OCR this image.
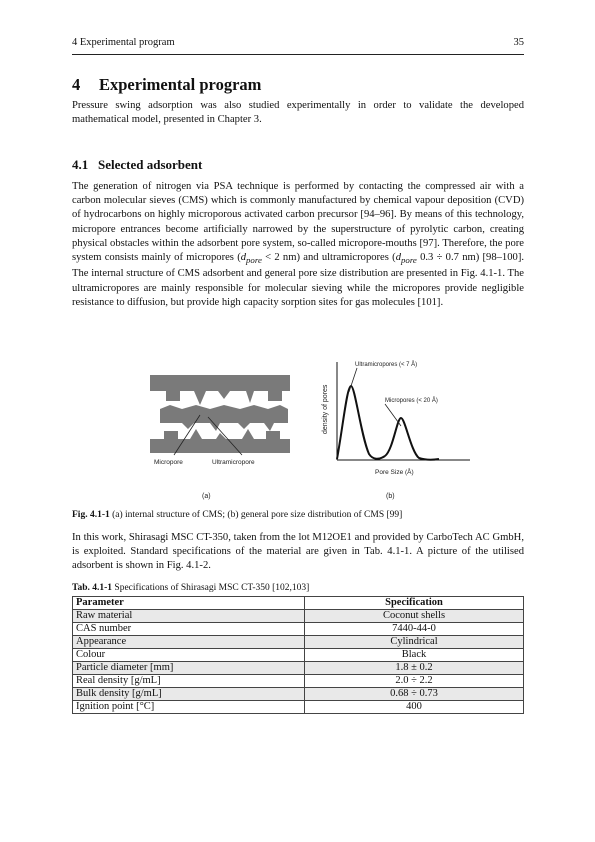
4 Experimental program	35
4 Experimental program

Pressure swing adsorption was also studied experimentally in order to validate the developed mathematical model, presented in Chapter 3.

4.1 Selected adsorbent

The generation of nitrogen via PSA technique is performed by contacting the compressed air with a carbon molecular sieves (CMS) which is commonly manufactured by chemical vapour deposition (CVD) of hydrocarbons on highly microporous activated carbon precursor [94–96]. By means of this technology, micropore entrances become artificially narrowed by the superstructure of pyrolytic carbon, creating physical obstacles within the adsorbent pore system, so-called micropore-mouths [97]. Therefore, the pore system consists mainly of micropores ($d_{pore} < 2$ nm) and ultramicropores ($d_{pore}$ 0.3 ÷ 0.7 nm) [98–100]. The internal structure of CMS adsorbent and general pore size distribution are presented in Fig. 4.1-1. The ultramicropores are mainly responsible for molecular sieving while the micropores provide negligible resistance to diffusion, but provide high capacity sorption sites for gas molecules [101].

Micropore	Ultramicropore
density of pores
Pore Size (Å)
Ultramicropores (< 7 Å)
Micropores (< 20 Å)
(a)	(b)
Fig. 4.1-1 (a) internal structure of CMS; (b) general pore size distribution of CMS [99]

In this work, Shirasagi MSC CT-350, taken from the lot M12OE1 and provided by CarboTech AC GmbH, is exploited. Standard specifications of the material are given in Tab. 4.1-1. A picture of the utilised adsorbent is shown in Fig. 4.1-2.

Tab. 4.1-1 Specifications of Shirasagi MSC CT-350 [102,103]
Parameter	Specification
Raw material	Coconut shells
CAS number	7440-44-0
Appearance	Cylindrical
Colour	Black
Particle diameter [mm]	1.8 ± 0.2
Real density [g/mL]	2.0 ÷ 2.2
Bulk density [g/mL]	0.68 ÷ 0.73
Ignition point [°C]	400
